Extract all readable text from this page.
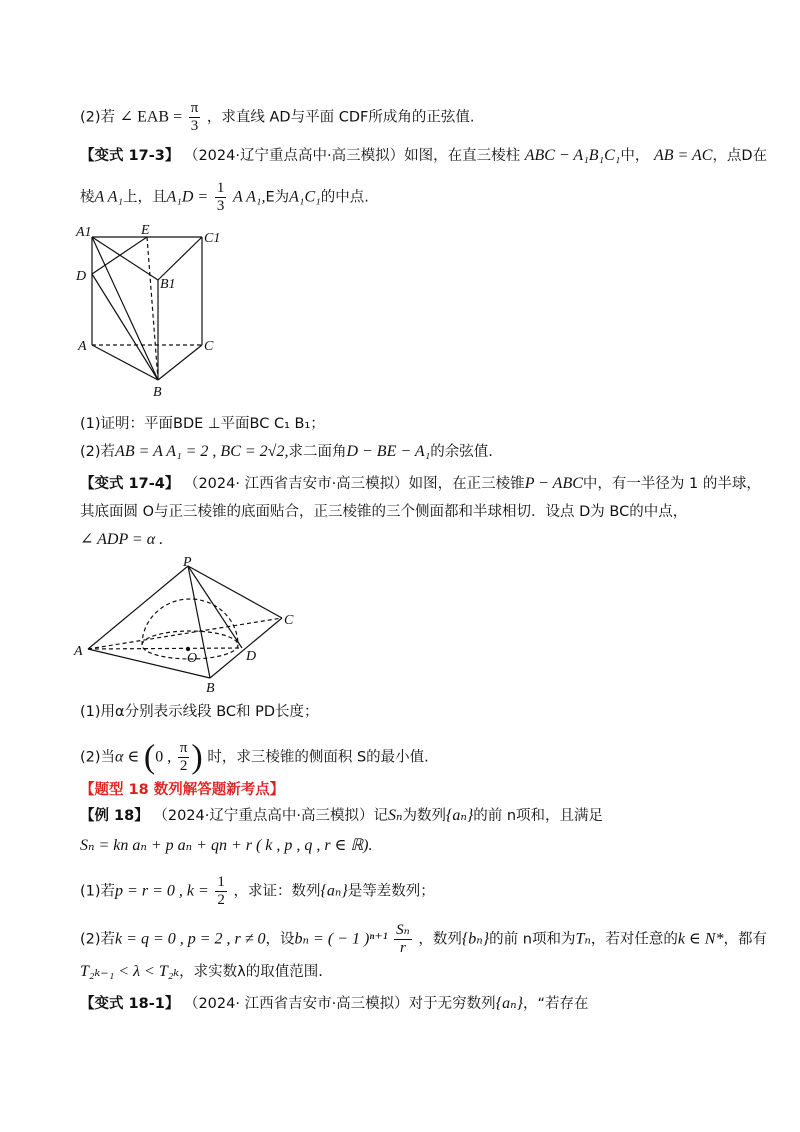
(2)若 ∠ EAB = $\frac{\pi}{3}$ ，求直线 AD与平面 CDF所成角的正弦值.
【变式 17-3】 （2024·辽宁重点高中·高三模拟）如图，在直三棱柱 ABC − A₁B₁C₁中， AB = AC，点D在
棱A A₁上，且$A_1D = \frac{1}{3}$ A A₁,E为A₁C₁的中点.
A1	E
C1
D
B1
A	C
B
(1)证明：平面BDE ⊥平面BC C₁ B₁；
(2)若AB = A A₁ = 2 , BC = 2√2,求二面角D − BE − A₁的余弦值.
【变式 17-4】 （2024· 江西省吉安市·高三模拟）如图，在正三棱锥P − ABC中，有一半径为 1 的半球，
其底面圆 O与正三棱锥的底面贴合，正三棱锥的三个侧面都和半球相切．设点 D为 BC的中点，
∠ ADP = α .
P
C
A	O	D
B
(1)用α分别表示线段 BC和 PD长度；
(2)当α ∈ (0 , $\frac{\pi}{2}$ ) 时，求三棱锥的侧面积 S的最小值.
【题型 18 数列解答题新考点】
【例 18】 （2024·辽宁重点高中·高三模拟）记Sₙ为数列{aₙ}的前 n项和，且满足
Sₙ = kn aₙ + p aₙ + qn + r ( k , p , q , r ∈ ℝ).
(1)若p = r = 0 , $k = \frac{1}{2}$ ，求证：数列{aₙ}是等差数列；
(2)若k = q = 0 , p = 2 , r ≠ 0，设bₙ = ( − 1 )$^{n+1} \frac{\text{Sₙ}}{r}$ ，数列{bₙ}的前 n项和为Tₙ，若对任意的k ∈ N*，都有
T₂ₖ₋₁ < λ < T₂ₖ，求实数λ的取值范围.
【变式 18-1】 （2024· 江西省吉安市·高三模拟）对于无穷数列{aₙ}，“若存在
